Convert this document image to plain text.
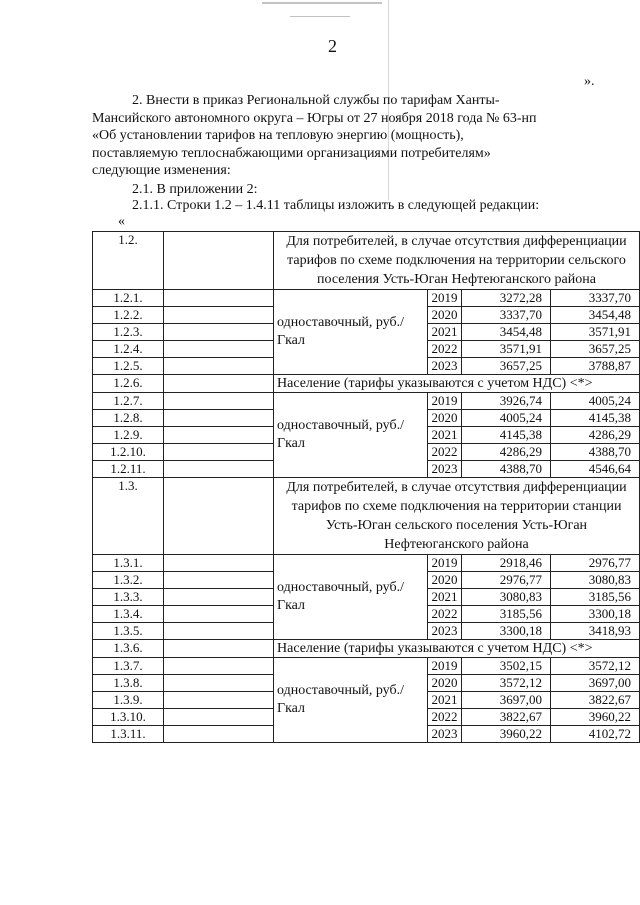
2
».
2. Внести в приказ Региональной службы по тарифам Ханты-
Мансийского автономного округа – Югры от 27 ноября 2018 года № 63-нп
«Об установлении тарифов на тепловую энергию (мощность),
поставляемую теплоснабжающими организациями потребителям»
следующие изменения:
2.1. В приложении 2:
2.1.1. Строки 1.2 – 1.4.11 таблицы изложить в следующей редакции:
«
1.2.		Для потребителей, в случае отсутствия дифференциации тарифов по схеме подключения на территории сельского поселения Усть-Юган Нефтеюганского района			
1.2.1.		одноставочный, руб./Гкал	2019	3272,28	3337,70
1.2.2.			2020	3337,70	3454,48
1.2.3.			2021	3454,48	3571,91
1.2.4.			2022	3571,91	3657,25
1.2.5.			2023	3657,25	3788,87
1.2.6.		Население (тарифы указываются с учетом НДС) <*>			
1.2.7.		одноставочный, руб./Гкал	2019	3926,74	4005,24
1.2.8.			2020	4005,24	4145,38
1.2.9.			2021	4145,38	4286,29
1.2.10.			2022	4286,29	4388,70
1.2.11.			2023	4388,70	4546,64
1.3.		Для потребителей, в случае отсутствия дифференциации тарифов по схеме подключения на территории станции Усть-Юган сельского поселения Усть-Юган Нефтеюганского района			
1.3.1.		одноставочный, руб./Гкал	2019	2918,46	2976,77
1.3.2.			2020	2976,77	3080,83
1.3.3.			2021	3080,83	3185,56
1.3.4.			2022	3185,56	3300,18
1.3.5.			2023	3300,18	3418,93
1.3.6.		Население (тарифы указываются с учетом НДС) <*>			
1.3.7.		одноставочный, руб./Гкал	2019	3502,15	3572,12
1.3.8.			2020	3572,12	3697,00
1.3.9.			2021	3697,00	3822,67
1.3.10.			2022	3822,67	3960,22
1.3.11.			2023	3960,22	4102,72
